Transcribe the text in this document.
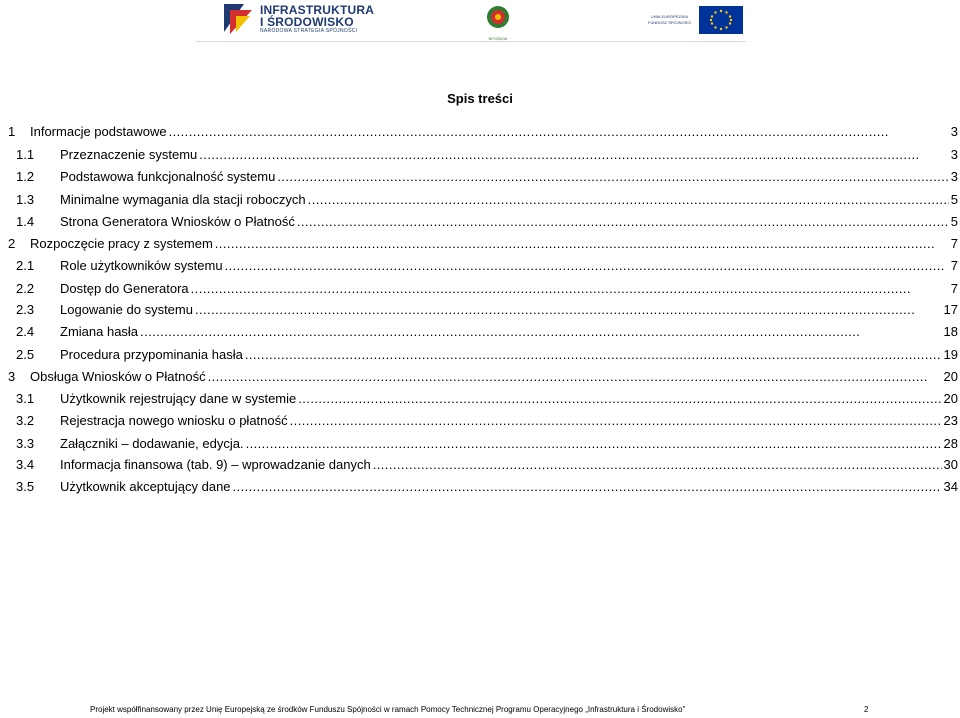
INFRASTRUKTURA
I ŚRODOWISKO
NARODOWA STRATEGIA SPÓJNOŚCI
NFOŚiGW
UNIA EUROPEJSKA
FUNDUSZ SPÓJNOŚCI
Spis treści
1	Informacje podstawowe . . .	3
1.1	Przeznaczenie systemu . . .	3
1.2	Podstawowa funkcjonalność systemu . . .	3
1.3	Minimalne wymagania dla stacji roboczych . . .	5
1.4	Strona Generatora Wniosków o Płatność . . .	5
2	Rozpoczęcie pracy z systemem . . .	7
2.1	Role użytkowników systemu . . .	7
2.2	Dostęp do Generatora . . .	7
2.3	Logowanie do systemu . . .	17
2.4	Zmiana hasła . . .	18
2.5	Procedura przypominania hasła . . .	19
3	Obsługa Wniosków o Płatność . . .	20
3.1	Użytkownik rejestrujący dane w systemie . . .	20
3.2	Rejestracja nowego wniosku o płatność . . .	23
3.3	Załączniki – dodawanie, edycja. . . .	28
3.4	Informacja finansowa (tab. 9) – wprowadzanie danych . . .	30
3.5	Użytkownik akceptujący dane . . .	34
Projekt współfinansowany przez Unię Europejską ze środków Funduszu Spójności w ramach Pomocy Technicznej Programu Operacyjnego „Infrastruktura i Środowisko”	2
